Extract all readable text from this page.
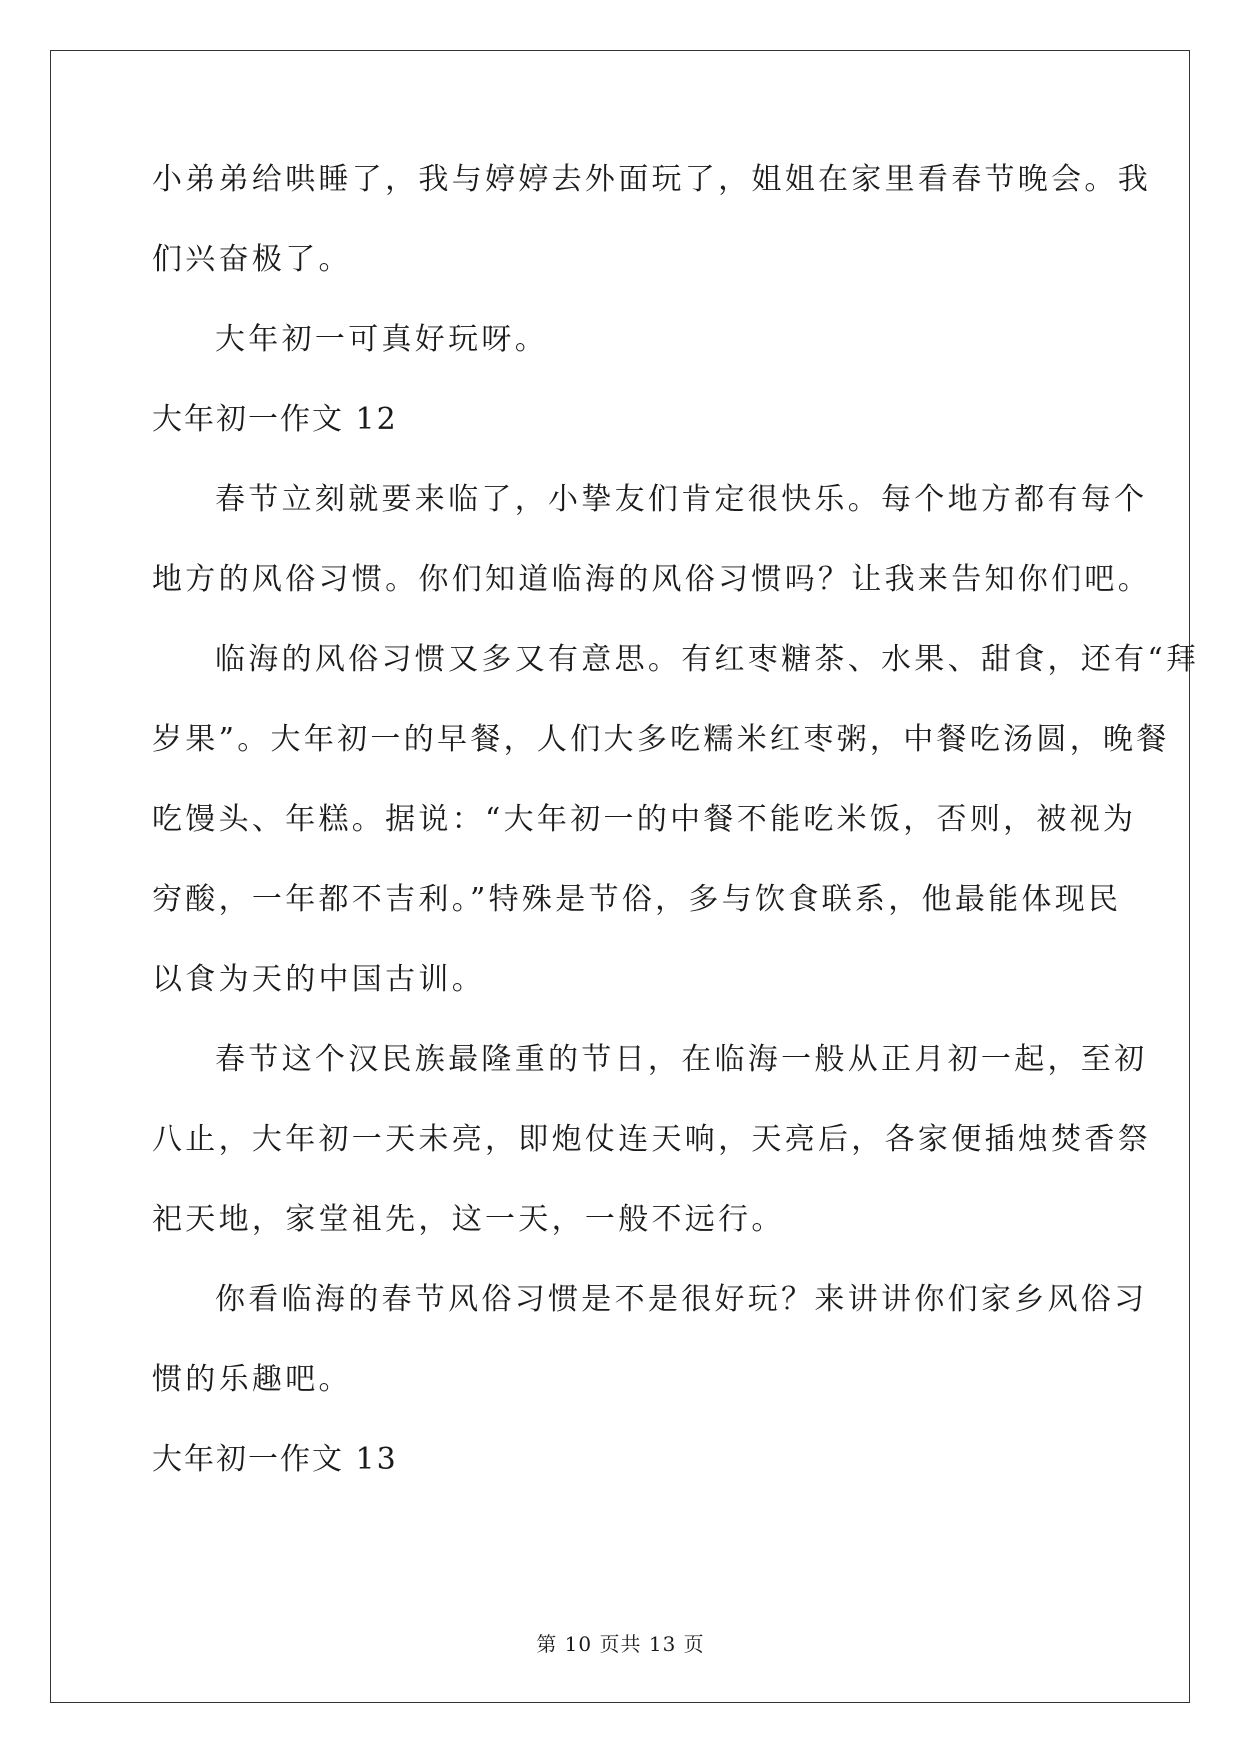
小弟弟给哄睡了，我与婷婷去外面玩了，姐姐在家里看春节晚会。我
们兴奋极了。
大年初一可真好玩呀。
大年初一作文 12
春节立刻就要来临了，小挚友们肯定很快乐。每个地方都有每个
地方的风俗习惯。你们知道临海的风俗习惯吗？让我来告知你们吧。
临海的风俗习惯又多又有意思。有红枣糖茶、水果、甜食，还有“拜
岁果”。大年初一的早餐，人们大多吃糯米红枣粥，中餐吃汤圆，晚餐
吃馒头、年糕。据说：“大年初一的中餐不能吃米饭，否则，被视为
穷酸，一年都不吉利。”特殊是节俗，多与饮食联系，他最能体现民
以食为天的中国古训。
春节这个汉民族最隆重的节日，在临海一般从正月初一起，至初
八止，大年初一天未亮，即炮仗连天响，天亮后，各家便插烛焚香祭
祀天地，家堂祖先，这一天，一般不远行。
你看临海的春节风俗习惯是不是很好玩？来讲讲你们家乡风俗习
惯的乐趣吧。
大年初一作文 13
第 10 页共 13 页
